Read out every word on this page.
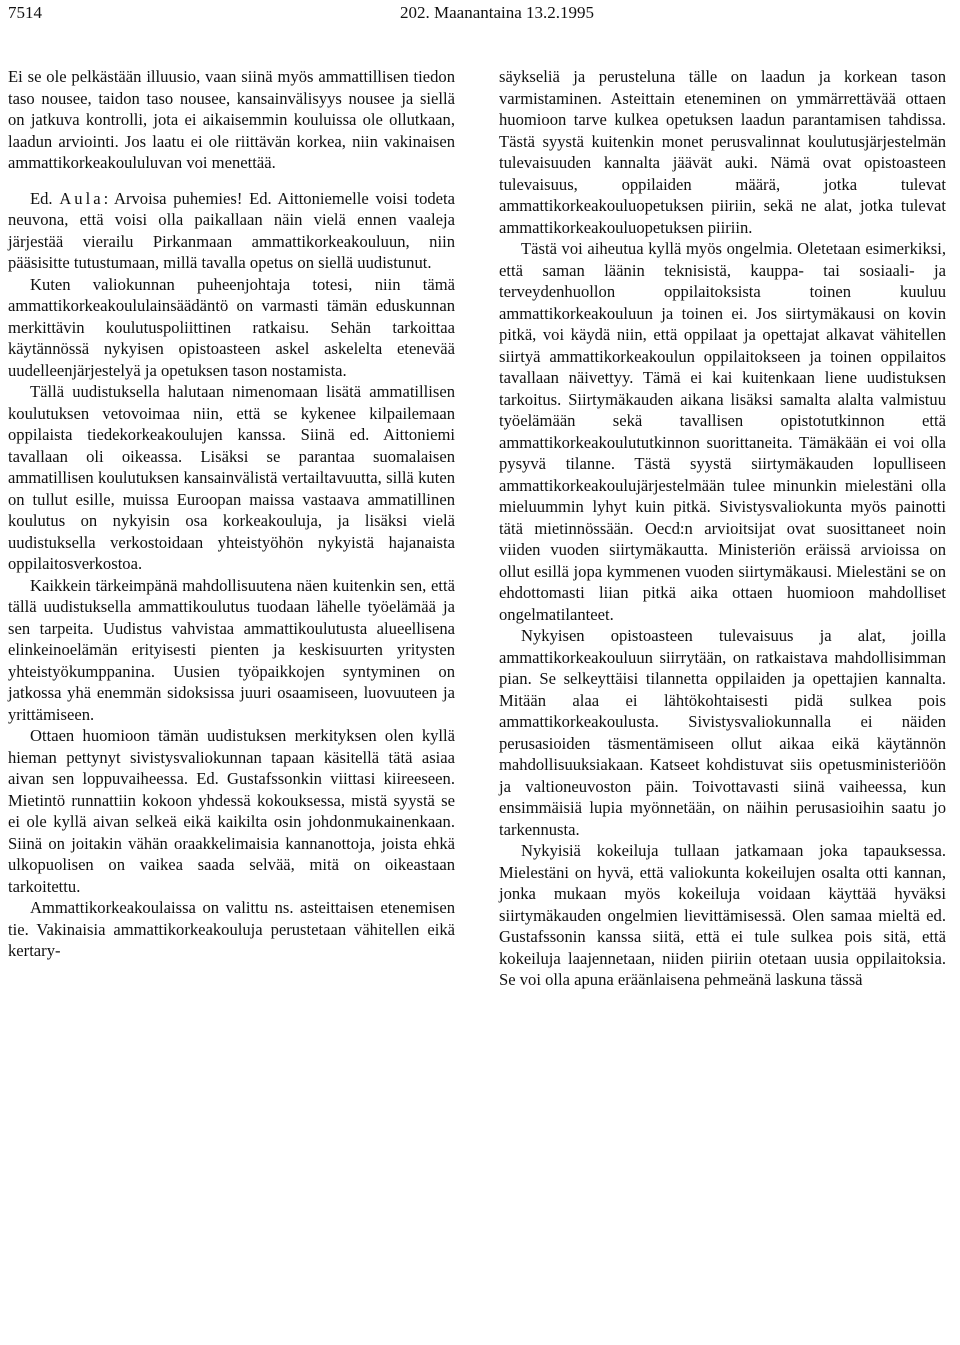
7514	202. Maanantaina 13.2.1995

Ei se ole pelkästään illuusio, vaan siinä myös ammattillisen tiedon taso nousee, taidon taso nousee, kansainvälisyys nousee ja siellä on jatkuva kontrolli, jota ei aikaisemmin kouluissa ole ollutkaan, laadun arviointi. Jos laatu ei ole riittävän korkea, niin vakinaisen ammattikorkeakoululuvan voi menettää.

Ed. Aula: Arvoisa puhemies! Ed. Aittoniemelle voisi todeta neuvona, että voisi olla paikallaan näin vielä ennen vaaleja järjestää vierailu Pirkanmaan ammattikorkeakouluun, niin pääsisitte tutustumaan, millä tavalla opetus on siellä uudistunut.

Kuten valiokunnan puheenjohtaja totesi, niin tämä ammattikorkeakoululainsäädäntö on varmasti tämän eduskunnan merkittävin koulutuspoliittinen ratkaisu. Sehän tarkoittaa käytännössä nykyisen opistoasteen askel askelelta etenevää uudelleenjärjestelyä ja opetuksen tason nostamista.

Tällä uudistuksella halutaan nimenomaan lisätä ammatillisen koulutuksen vetovoimaa niin, että se kykenee kilpailemaan oppilaista tiedekorkeakoulujen kanssa. Siinä ed. Aittoniemi tavallaan oli oikeassa. Lisäksi se parantaa suomalaisen ammatillisen koulutuksen kansainvälistä vertailtavuutta, sillä kuten on tullut esille, muissa Euroopan maissa vastaava ammatillinen koulutus on nykyisin osa korkeakouluja, ja lisäksi vielä uudistuksella verkostoidaan yhteistyöhön nykyistä hajanaista oppilaitosverkostoa.

Kaikkein tärkeimpänä mahdollisuutena näen kuitenkin sen, että tällä uudistuksella ammattikoulutus tuodaan lähelle työelämää ja sen tarpeita. Uudistus vahvistaa ammattikoulutusta alueellisena elinkeinoelämän erityisesti pienten ja keskisuurten yritysten yhteistyökumppanina. Uusien työpaikkojen syntyminen on jatkossa yhä enemmän sidoksissa juuri osaamiseen, luovuuteen ja yrittämiseen.

Ottaen huomioon tämän uudistuksen merkityksen olen kyllä hieman pettynyt sivistysvaliokunnan tapaan käsitellä tätä asiaa aivan sen loppuvaiheessa. Ed. Gustafssonkin viittasi kiireeseen. Mietintö runnattiin kokoon yhdessä kokouksessa, mistä syystä se ei ole kyllä aivan selkeä eikä kaikilta osin johdonmukainenkaan. Siinä on joitakin vähän oraakkelimaisia kannanottoja, joista ehkä ulkopuolisen on vaikea saada selvää, mitä on oikeastaan tarkoitettu.

Ammattikorkeakoulaissa on valittu ns. asteittaisen etenemisen tie. Vakinaisia ammattikorkeakouluja perustetaan vähitellen eikä kertary-

säykseliä ja perusteluna tälle on laadun ja korkean tason varmistaminen. Asteittain eteneminen on ymmärrettävää ottaen huomioon tarve kulkea opetuksen laadun parantamisen tahdissa. Tästä syystä kuitenkin monet perusvalinnat koulutusjärjestelmän tulevaisuuden kannalta jäävät auki. Nämä ovat opistoasteen tulevaisuus, oppilaiden määrä, jotka tulevat ammattikorkeakouluopetuksen piiriin, sekä ne alat, jotka tulevat ammattikorkeakouluopetuksen piiriin.

Tästä voi aiheutua kyllä myös ongelmia. Oletetaan esimerkiksi, että saman läänin teknisistä, kauppa- tai sosiaali- ja terveydenhuollon oppilaitoksista toinen kuuluu ammattikorkeakouluun ja toinen ei. Jos siirtymäkausi on kovin pitkä, voi käydä niin, että oppilaat ja opettajat alkavat vähitellen siirtyä ammattikorkeakoulun oppilaitokseen ja toinen oppilaitos tavallaan näivettyy. Tämä ei kai kuitenkaan liene uudistuksen tarkoitus. Siirtymäkauden aikana lisäksi samalta alalta valmistuu työelämään sekä tavallisen opistotutkinnon että ammattikorkeakoulututkinnon suorittaneita. Tämäkään ei voi olla pysyvä tilanne. Tästä syystä siirtymäkauden lopulliseen ammattikorkeakoulujärjestelmään tulee minunkin mielestäni olla mieluummin lyhyt kuin pitkä. Sivistysvaliokunta myös painotti tätä mietinnössään. Oecd:n arvioitsijat ovat suosittaneet noin viiden vuoden siirtymäkautta. Ministeriön eräissä arvioissa on ollut esillä jopa kymmenen vuoden siirtymäkausi. Mielestäni se on ehdottomasti liian pitkä aika ottaen huomioon mahdolliset ongelmatilanteet.

Nykyisen opistoasteen tulevaisuus ja alat, joilla ammattikorkeakouluun siirrytään, on ratkaistava mahdollisimman pian. Se selkeyttäisi tilannetta oppilaiden ja opettajien kannalta. Mitään alaa ei lähtökohtaisesti pidä sulkea pois ammattikorkeakoulusta. Sivistysvaliokunnalla ei näiden perusasioiden täsmentämiseen ollut aikaa eikä käytännön mahdollisuuksiakaan. Katseet kohdistuvat siis opetusministeriöön ja valtioneuvoston päin. Toivottavasti siinä vaiheessa, kun ensimmäisiä lupia myönnetään, on näihin perusasioihin saatu jo tarkennusta.

Nykyisiä kokeiluja tullaan jatkamaan joka tapauksessa. Mielestäni on hyvä, että valiokunta kokeilujen osalta otti kannan, jonka mukaan myös kokeiluja voidaan käyttää hyväksi siirtymäkauden ongelmien lievittämisessä. Olen samaa mieltä ed. Gustafssonin kanssa siitä, että ei tule sulkea pois sitä, että kokeiluja laajennetaan, niiden piiriin otetaan uusia oppilaitoksia. Se voi olla apuna eräänlaisena pehmeänä laskuna tässä
